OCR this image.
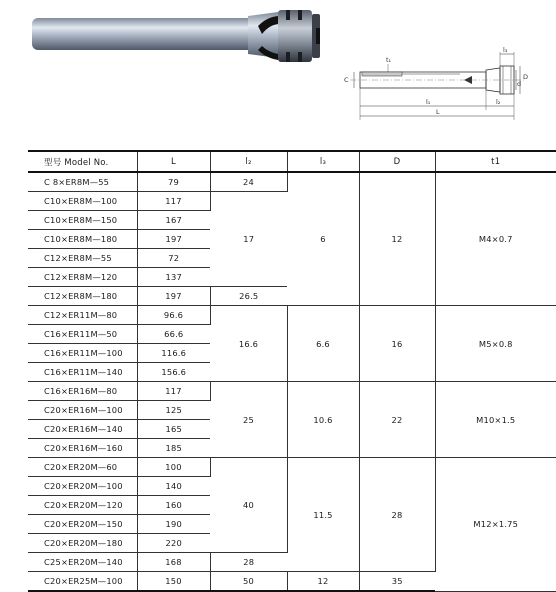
C	D
d
l₁
L
l₂
l₃
t₁
型号 Model No.	L	l₂	l₃	D	t1
C 8×ER8M—55	79	24	6	12	M4×0.7
C10×ER8M—100	117	17			
C10×ER8M—150	167				
C10×ER8M—180	197				
C12×ER8M—55	72				
C12×ER8M—120	137				
C12×ER8M—180	197	26.5			
C12×ER11M—80	96.6	16.6	6.6	16	M5×0.8
C16×ER11M—50	66.6				
C16×ER11M—100	116.6				
C16×ER11M—140	156.6				
C16×ER16M—80	117	25	10.6	22	M10×1.5
C20×ER16M—100	125				
C20×ER16M—140	165				
C20×ER16M—160	185				
C20×ER20M—60	100	40	11.5	28	M12×1.75
C20×ER20M—100	140				
C20×ER20M—120	160				
C20×ER20M—150	190				
C20×ER20M—180	220				
C25×ER20M—140	168	28			
C20×ER25M—100	150	50	12	35	
